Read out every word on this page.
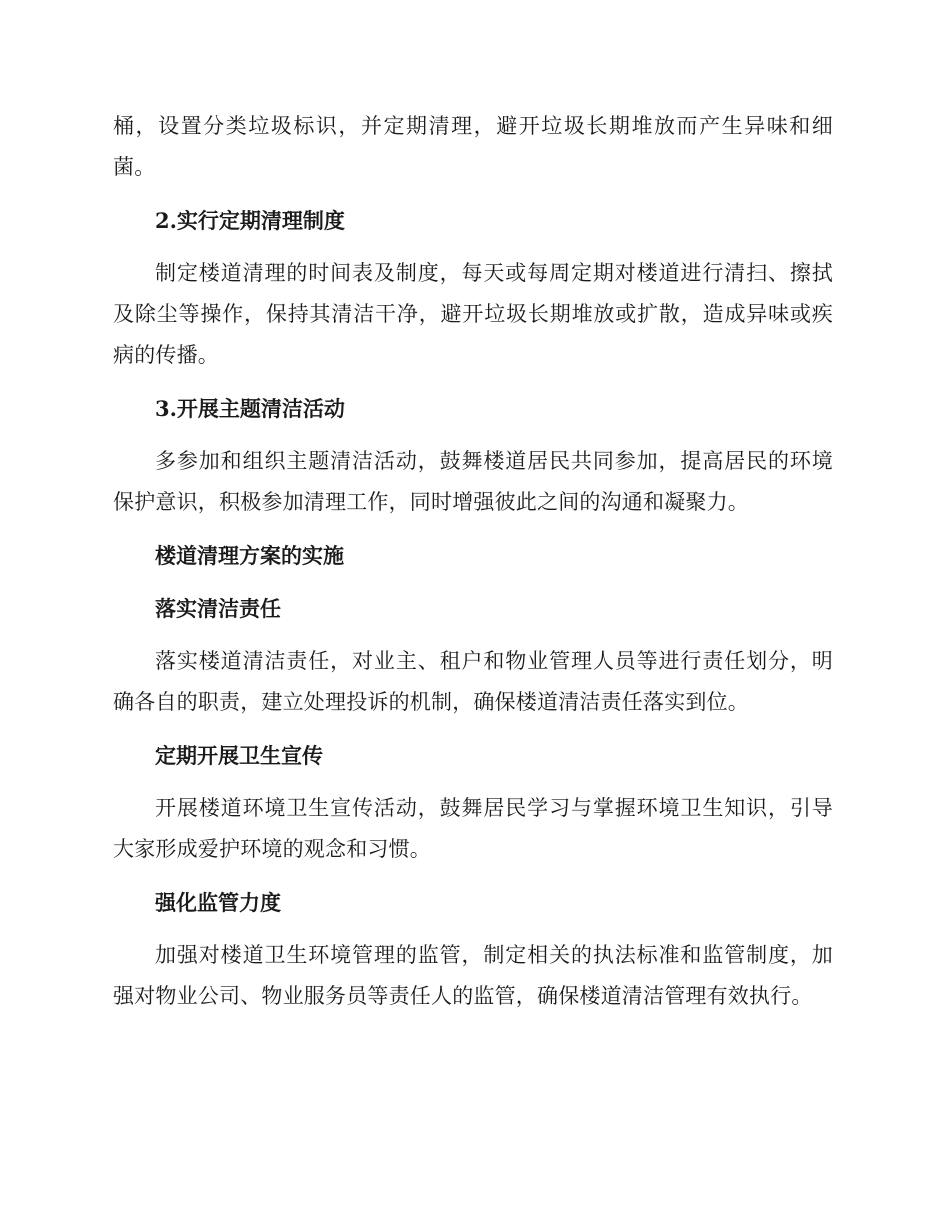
桶，设置分类垃圾标识，并定期清理，避开垃圾长期堆放而产生异味和细菌。

2.实行定期清理制度

制定楼道清理的时间表及制度，每天或每周定期对楼道进行清扫、擦拭及除尘等操作，保持其清洁干净，避开垃圾长期堆放或扩散，造成异味或疾病的传播。

3.开展主题清洁活动

多参加和组织主题清洁活动，鼓舞楼道居民共同参加，提高居民的环境保护意识，积极参加清理工作，同时增强彼此之间的沟通和凝聚力。

楼道清理方案的实施

落实清洁责任

落实楼道清洁责任，对业主、租户和物业管理人员等进行责任划分，明确各自的职责，建立处理投诉的机制，确保楼道清洁责任落实到位。

定期开展卫生宣传

开展楼道环境卫生宣传活动，鼓舞居民学习与掌握环境卫生知识，引导大家形成爱护环境的观念和习惯。

强化监管力度

加强对楼道卫生环境管理的监管，制定相关的执法标准和监管制度，加强对物业公司、物业服务员等责任人的监管，确保楼道清洁管理有效执行。
